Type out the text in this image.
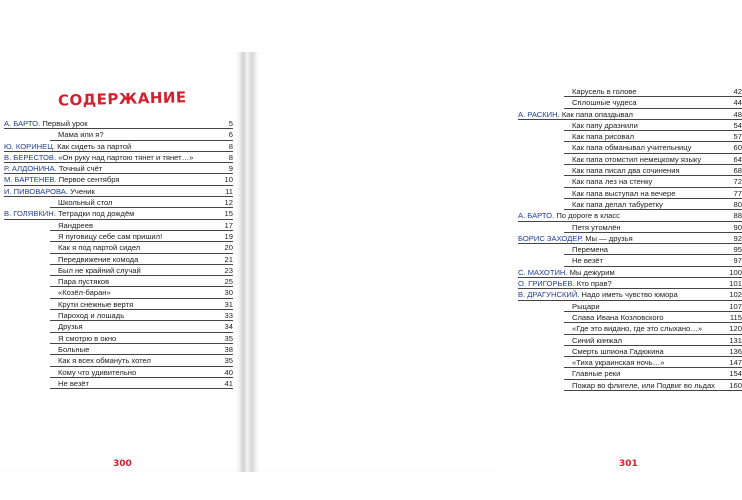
СОДЕРЖАНИЕ
А. БАРТО. Первый урок	5
Мама или я?	6
Ю. КОРИНЕЦ. Как сидеть за партой	8
В. БЕРЕСТОВ. «Он руку над партою тянет и тянет…»	8
Р. АЛДОНИНА. Точный счёт	9
М. БАРТЕНЕВ. Первое сентября	10
И. ПИВОВАРОВА. Ученик	11
Школьный стол	12
В. ГОЛЯВКИН. Тетрадки под дождём	15
Яандреев	17
Я пуговицу себе сам пришил!	19
Как я под партой сидел	20
Передвижение комода	21
Был не крайний случай	23
Пара пустяков	25
«Козёл-баран»	30
Крути снежные вертя	31
Пароход и лошадь	33
Друзья	34
Я смотрю в окно	35
Больные	38
Как я всех обмануть хотел	35
Кому что удивительно	40
Не везёт	41
300
Карусель в голове	42
Сплошные чудеса	44
А. РАСКИН. Как папа опаздывал	48
Как папу дразнили	54
Как папа рисовал	57
Как папа обманывал учительницу	60
Как папа отомстил немецкому языку	64
Как папа писал два сочинения	68
Как папа лез на стенку	72
Как папа выступал на вечере	77
Как папа делал табуретку	80
А. БАРТО. По дороге в класс	88
Петя утомлён	90
БОРИС ЗАХОДЕР. Мы — друзья	92
Перемена	95
Не везёт	97
С. МАХОТИН. Мы дежурим	100
О. ГРИГОРЬЕВ. Кто прав?	101
В. ДРАГУНСКИЙ. Надо иметь чувство юмора	102
Рыцари	107
Слава Ивана Козловского	115
«Где это видано, где это слыхано…»	120
Синий кинжал	131
Смерть шпиона Гадюкина	136
«Тиха украинская ночь…»	147
Главные реки	154
Пожар во флигеле, или Подвиг во льдах 160
301
